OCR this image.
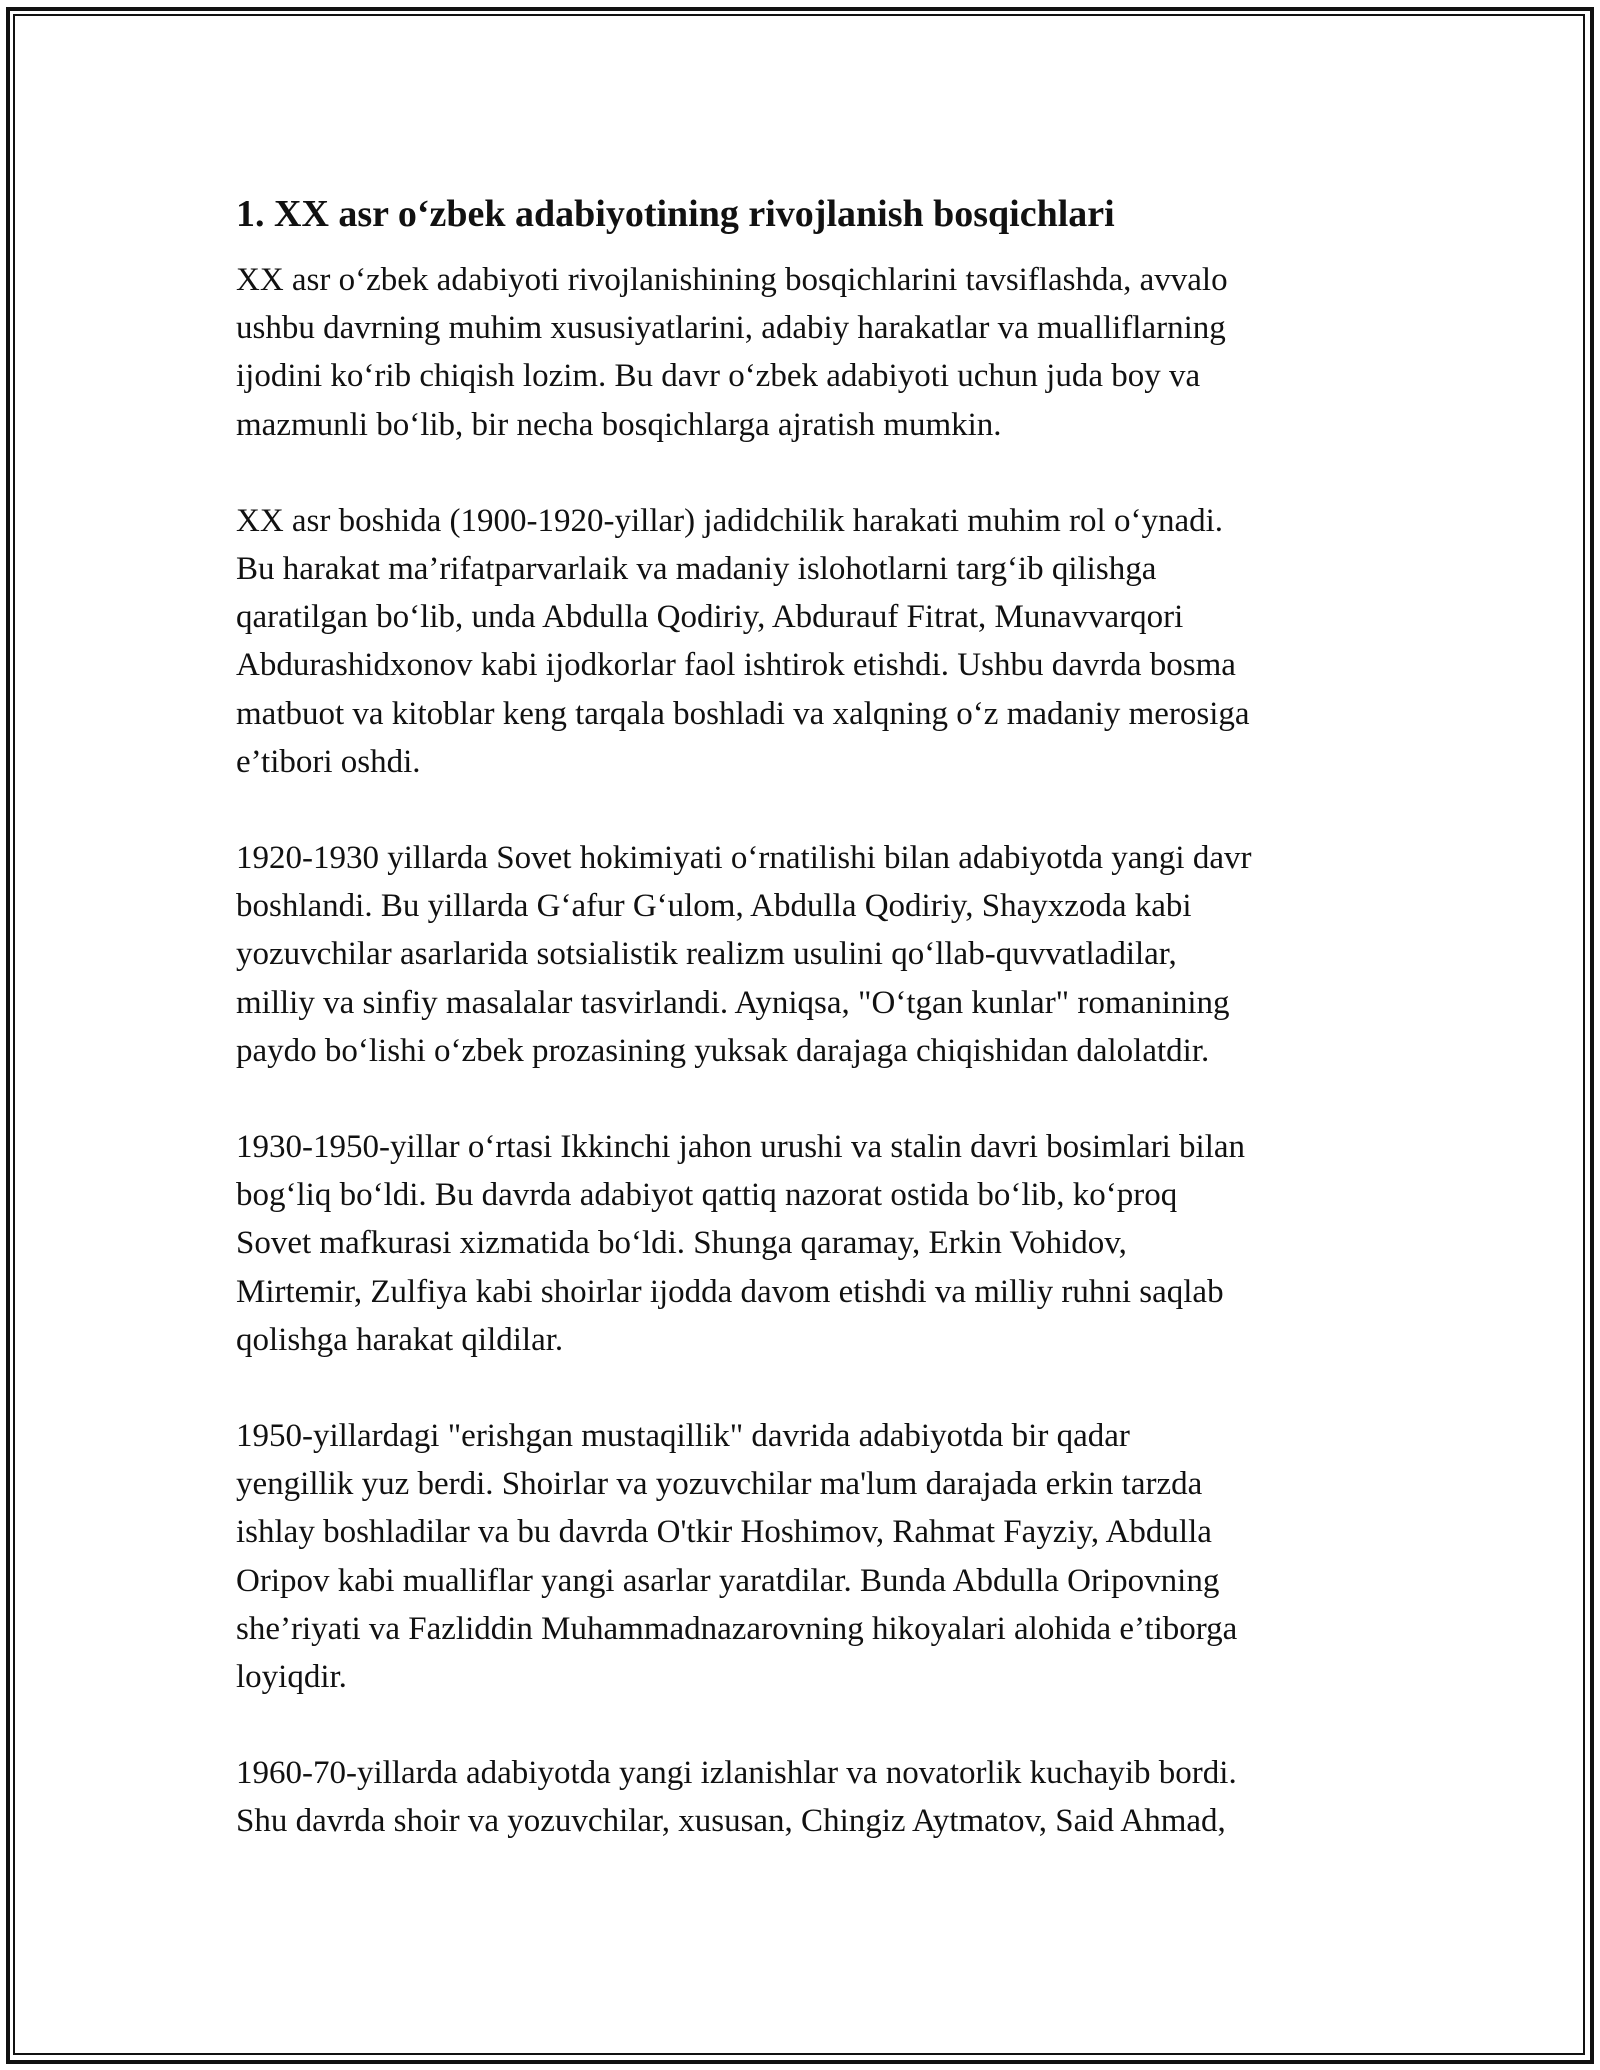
1. XX asr o‘zbek adabiyotining rivojlanish bosqichlari
XX asr o‘zbek adabiyoti rivojlanishining bosqichlarini tavsiflashda, avvalo
ushbu davrning muhim xususiyatlarini, adabiy harakatlar va mualliflarning
ijodini ko‘rib chiqish lozim. Bu davr o‘zbek adabiyoti uchun juda boy va
mazmunli bo‘lib, bir necha bosqichlarga ajratish mumkin.
XX asr boshida (1900-1920-yillar) jadidchilik harakati muhim rol o‘ynadi.
Bu harakat ma’rifatparvarlaik va madaniy islohotlarni targ‘ib qilishga
qaratilgan bo‘lib, unda Abdulla Qodiriy, Abdurauf Fitrat, Munavvarqori
Abdurashidxonov kabi ijodkorlar faol ishtirok etishdi. Ushbu davrda bosma
matbuot va kitoblar keng tarqala boshladi va xalqning o‘z madaniy merosiga
e’tibori oshdi.
1920-1930 yillarda Sovet hokimiyati o‘rnatilishi bilan adabiyotda yangi davr
boshlandi. Bu yillarda G‘afur G‘ulom, Abdulla Qodiriy, Shayxzoda kabi
yozuvchilar asarlarida sotsialistik realizm usulini qo‘llab-quvvatladilar,
milliy va sinfiy masalalar tasvirlandi. Ayniqsa, "O‘tgan kunlar" romanining
paydo bo‘lishi o‘zbek prozasining yuksak darajaga chiqishidan dalolatdir.
1930-1950-yillar o‘rtasi Ikkinchi jahon urushi va stalin davri bosimlari bilan
bog‘liq bo‘ldi. Bu davrda adabiyot qattiq nazorat ostida bo‘lib, ko‘proq
Sovet mafkurasi xizmatida bo‘ldi. Shunga qaramay, Erkin Vohidov,
Mirtemir, Zulfiya kabi shoirlar ijodda davom etishdi va milliy ruhni saqlab
qolishga harakat qildilar.
1950-yillardagi "erishgan mustaqillik" davrida adabiyotda bir qadar
yengillik yuz berdi. Shoirlar va yozuvchilar ma'lum darajada erkin tarzda
ishlay boshladilar va bu davrda O'tkir Hoshimov, Rahmat Fayziy, Abdulla
Oripov kabi mualliflar yangi asarlar yaratdilar. Bunda Abdulla Oripovning
she’riyati va Fazliddin Muhammadnazarovning hikoyalari alohida e’tiborga
loyiqdir.
1960-70-yillarda adabiyotda yangi izlanishlar va novatorlik kuchayib bordi.
Shu davrda shoir va yozuvchilar, xususan, Chingiz Aytmatov, Said Ahmad,
